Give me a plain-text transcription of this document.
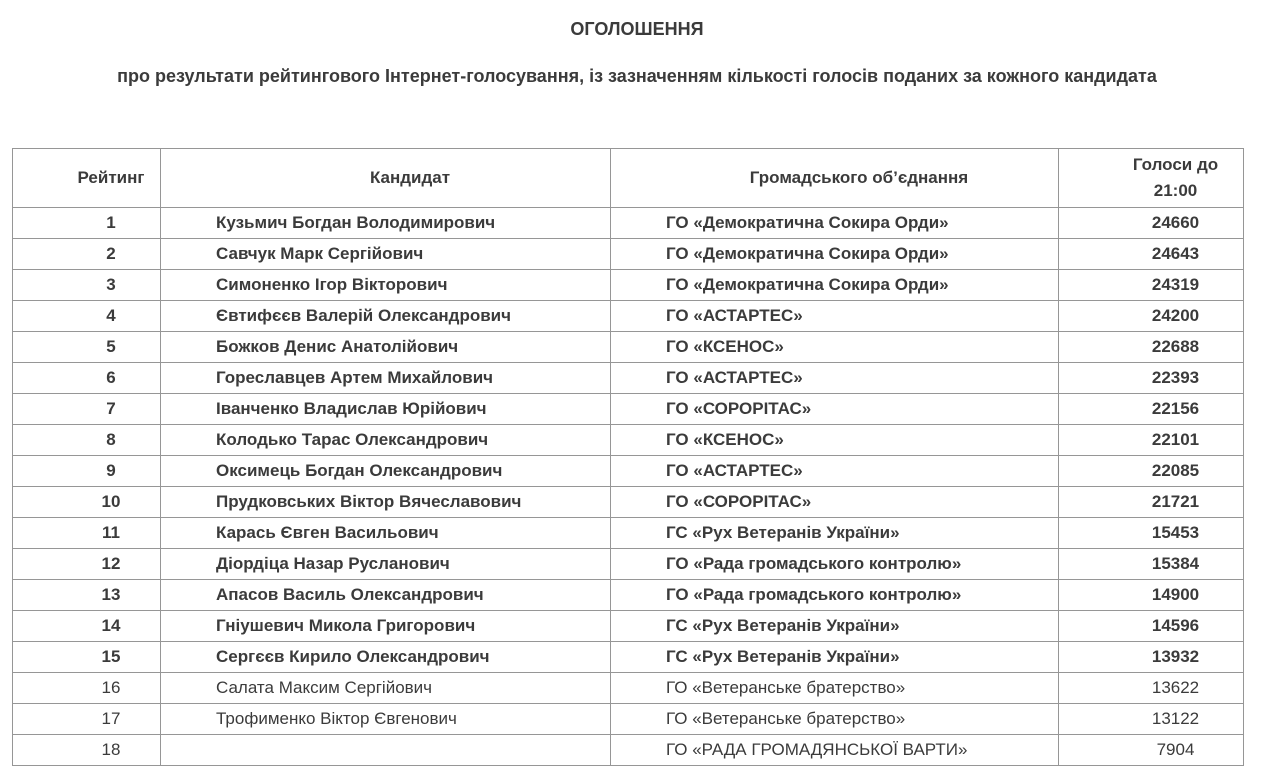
ОГОЛОШЕННЯ
про результати рейтингового Інтернет-голосування, із зазначенням кількості голосів поданих за кожного кандидата
Рейтинг	Кандидат	Громадського об’єднання	Голоси до
21:00

1	Кузьмич Богдан Володимирович	ГО «Демократична Сокира Орди»	24660
2	Савчук Марк Сергійович	ГО «Демократична Сокира Орди»	24643
3	Симоненко Ігор Вікторович	ГО «Демократична Сокира Орди»	24319
4	Євтифєєв Валерій Олександрович	ГО «АСТАРТЕС»	24200
5	Божков Денис Анатолійович	ГО «КСЕНОС»	22688
6	Гореславцев Артем Михайлович	ГО «АСТАРТЕС»	22393
7	Іванченко Владислав Юрійович	ГО «СОРОРІТАС»	22156
8	Колодько Тарас Олександрович	ГО «КСЕНОС»	22101
9	Оксимець Богдан Олександрович	ГО «АСТАРТЕС»	22085
10	Прудковських Віктор Вячеславович	ГО «СОРОРІТАС»	21721
11	Карась Євген Васильович	ГС «Рух Ветеранів України»	15453
12	Діордіца Назар Русланович	ГО «Рада громадського контролю»	15384
13	Апасов Василь Олександрович	ГО «Рада громадського контролю»	14900
14	Гніушевич Микола Григорович	ГС «Рух Ветеранів України»	14596
15	Сергєєв Кирило Олександрович	ГС «Рух Ветеранів України»	13932
16	Салата Максим Сергійович	ГО «Ветеранське братерство»	13622
17	Трофименко Віктор Євгенович	ГО «Ветеранське братерство»	13122
18		ГО «РАДА ГРОМАДЯНСЬКОЇ ВАРТИ»	7904
